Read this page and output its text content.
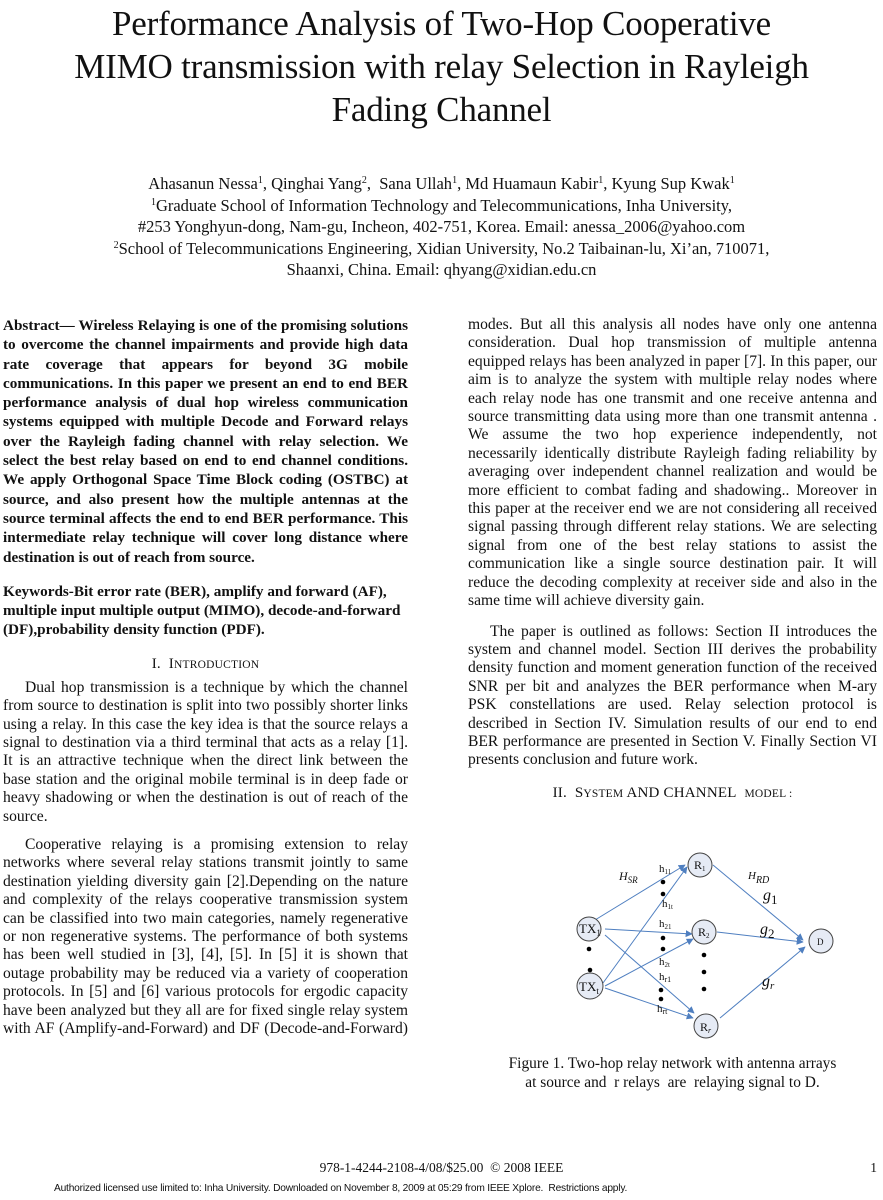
Performance Analysis of Two-Hop Cooperative
MIMO transmission with relay Selection in Rayleigh
Fading Channel
Ahasanun Nessa$^1$, Qinghai Yang$^2$,  Sana Ullah$^1$, Md Huamaun Kabir$^1$, Kyung Sup Kwak$^1$
$^1$Graduate School of Information Technology and Telecommunications, Inha University,
#253 Yonghyun-dong, Nam-gu, Incheon, 402-751, Korea. Email: anessa_2006@yahoo.com
$^2$School of Telecommunications Engineering, Xidian University, No.2 Taibainan-lu, Xi’an, 710071,
Shaanxi, China. Email: qhyang@xidian.edu.cn
Abstract— Wireless Relaying is one of the promising solutions to overcome the channel impairments and provide high data rate coverage that appears for beyond 3G mobile communications. In this paper we present an end to end BER performance analysis of dual hop wireless communication systems equipped with multiple Decode and Forward relays over the Rayleigh fading channel with relay selection. We select the best relay based on end to end channel conditions. We apply Orthogonal Space Time Block coding (OSTBC) at source, and also present how the multiple antennas at the source terminal affects the end to end BER performance. This intermediate relay technique will cover long distance where destination is out of reach from source.
Keywords-Bit error rate (BER), amplify and forward (AF), multiple input multiple output (MIMO), decode-and-forward (DF),probability density function (PDF).
I. INTRODUCTION

Dual hop transmission is a technique by which the channel from source to destination is split into two possibly shorter links using a relay. In this case the key idea is that the source relays a signal to destination via a third terminal that acts as a relay [1]. It is an attractive technique when the direct link between the base station and the original mobile terminal is in deep fade or heavy shadowing or when the destination is out of reach of the source.

Cooperative relaying is a promising extension to relay networks where several relay stations transmit jointly to same destination yielding diversity gain [2].Depending on the nature and complexity of the relays cooperative transmission system can be classified into two main categories, namely regenerative or non regenerative systems. The performance of both systems has been well studied in [3], [4], [5]. In [5] it is shown that outage probability may be reduced via a variety of cooperation protocols. In [5] and [6] various protocols for ergodic capacity have been analyzed but they all are for fixed single relay system with AF (Amplify-and-Forward) and DF (Decode-and-Forward)

modes. But all this analysis all nodes have only one antenna consideration. Dual hop transmission of multiple antenna equipped relays has been analyzed in paper [7]. In this paper, our aim is to analyze the system with multiple relay nodes where each relay node has one transmit and one receive antenna and source transmitting data using more than one transmit antenna . We assume the two hop experience independently, not necessarily identically distribute Rayleigh fading reliability by averaging over independent channel realization and would be more efficient to combat fading and shadowing.. Moreover in this paper at the receiver end we are not considering all received signal passing through different relay stations. We are selecting signal from one of the best relay stations to assist the communication like a single source destination pair. It will reduce the decoding complexity at receiver side and also in the same time will achieve diversity gain.

The paper is outlined as follows: Section II introduces the system and channel model. Section III derives the probability density function and moment generation function of the received SNR per bit and analyzes the BER performance when M-ary PSK constellations are used. Relay selection protocol is described in Section IV. Simulation results of our end to end BER performance are presented in Section V. Finally Section VI presents conclusion and future work.

II. SYSTEM AND CHANNEL MODEL :
$TX_1$
$TX_t$
R1
R2
Rr
D
$H_{SR}$	HRD
h11
h1t
h21
h2t
hr1
hrt
$g_1$
$g_2$
gr
Figure 1. Two-hop relay network with antenna arrays
at source and  r relays  are  relaying signal to D.
978-1-4244-2108-4/08/$25.00  © 2008 IEEE	1
Authorized licensed use limited to: Inha University. Downloaded on November 8, 2009 at 05:29 from IEEE Xplore.  Restrictions apply.
